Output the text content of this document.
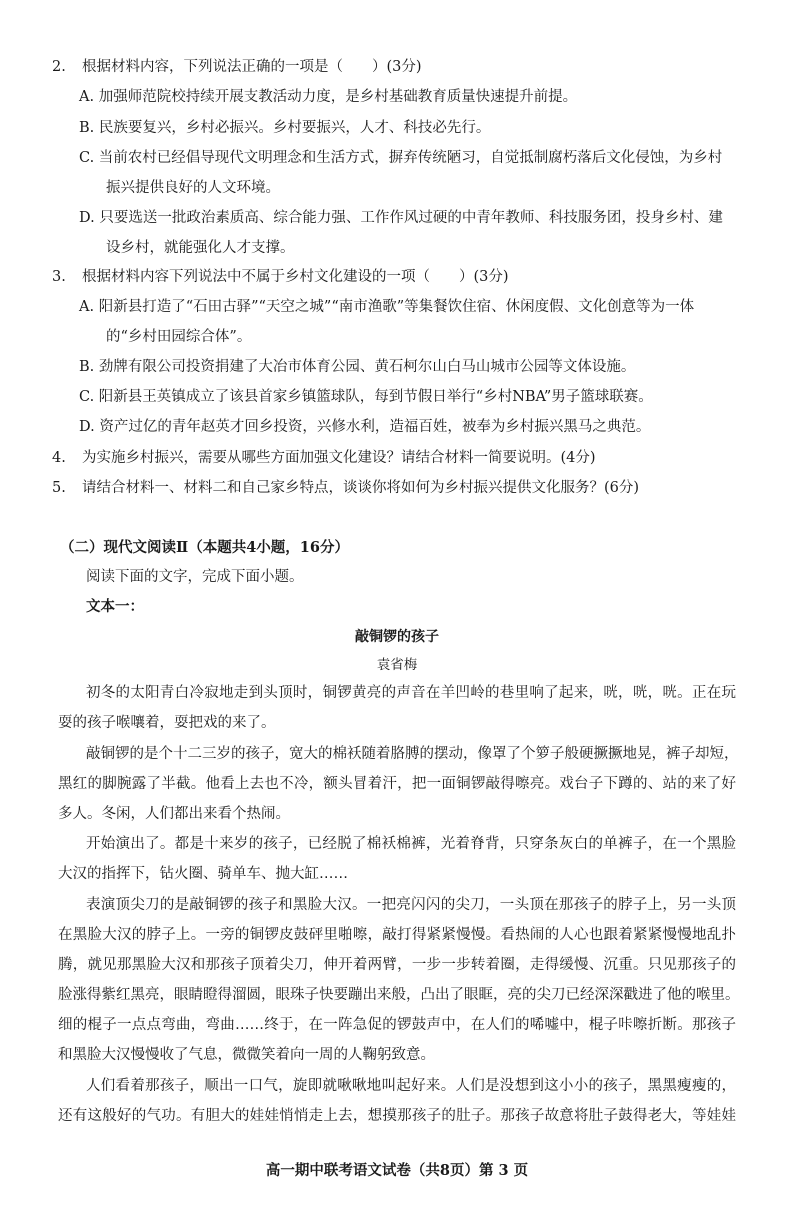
2. 根据材料内容，下列说法正确的一项是（　　）(3分)
A. 加强师范院校持续开展支教活动力度，是乡村基础教育质量快速提升前提。
B. 民族要复兴，乡村必振兴。乡村要振兴，人才、科技必先行。
C. 当前农村已经倡导现代文明理念和生活方式，摒弃传统陋习，自觉抵制腐朽落后文化侵蚀，为乡村
振兴提供良好的人文环境。
D. 只要选送一批政治素质高、综合能力强、工作作风过硬的中青年教师、科技服务团，投身乡村、建
设乡村，就能强化人才支撑。
3. 根据材料内容下列说法中不属于乡村文化建设的一项（　　）(3分)
A. 阳新县打造了“石田古驿”“天空之城”“南市渔歌”等集餐饮住宿、休闲度假、文化创意等为一体
的“乡村田园综合体”。
B. 劲牌有限公司投资捐建了大冶市体育公园、黄石柯尔山白马山城市公园等文体设施。
C. 阳新县王英镇成立了该县首家乡镇篮球队，每到节假日举行“乡村NBA”男子篮球联赛。
D. 资产过亿的青年赵英才回乡投资，兴修水利，造福百姓，被奉为乡村振兴黑马之典范。
4. 为实施乡村振兴，需要从哪些方面加强文化建设？请结合材料一简要说明。(4分)
5. 请结合材料一、材料二和自己家乡特点，谈谈你将如何为乡村振兴提供文化服务？(6分)
（二）现代文阅读Ⅱ（本题共4小题，16分）
阅读下面的文字，完成下面小题。
文本一：
敲铜锣的孩子
袁省梅
初冬的太阳青白冷寂地走到头顶时，铜锣黄亮的声音在羊凹岭的巷里响了起来，咣，咣，咣。正在玩
耍的孩子喉嚷着，耍把戏的来了。
敲铜锣的是个十二三岁的孩子，宽大的棉袄随着胳膊的摆动，像罩了个箩子般硬撅撅地晃，裤子却短，
黑红的脚腕露了半截。他看上去也不冷，额头冒着汗，把一面铜锣敲得嚓亮。戏台子下蹲的、站的来了好
多人。冬闲，人们都出来看个热闹。
开始演出了。都是十来岁的孩子，已经脱了棉袄棉裤，光着脊背，只穿条灰白的单裤子，在一个黑脸
大汉的指挥下，钻火圈、骑单车、抛大缸……
表演顶尖刀的是敲铜锣的孩子和黑脸大汉。一把亮闪闪的尖刀，一头顶在那孩子的脖子上，另一头顶
在黑脸大汉的脖子上。一旁的铜锣皮鼓砰里啪嚓，敲打得紧紧慢慢。看热闹的人心也跟着紧紧慢慢地乱扑
腾，就见那黑脸大汉和那孩子顶着尖刀，伸开着两臂，一步一步转着圈，走得缓慢、沉重。只见那孩子的
脸涨得紫红黑亮，眼睛瞪得溜圆，眼珠子快要蹦出来般，凸出了眼眶，亮的尖刀已经深深戳进了他的喉里。
细的棍子一点点弯曲，弯曲……终于，在一阵急促的锣鼓声中，在人们的唏嘘中，棍子咔嚓折断。那孩子
和黑脸大汉慢慢收了气息，微微笑着向一周的人鞠躬致意。
人们看着那孩子，顺出一口气，旋即就啾啾地叫起好来。人们是没想到这小小的孩子，黑黑瘦瘦的，
还有这般好的气功。有胆大的娃娃悄悄走上去，想摸那孩子的肚子。那孩子故意将肚子鼓得老大，等娃娃
高一期中联考语文试卷（共8页）第 3 页
